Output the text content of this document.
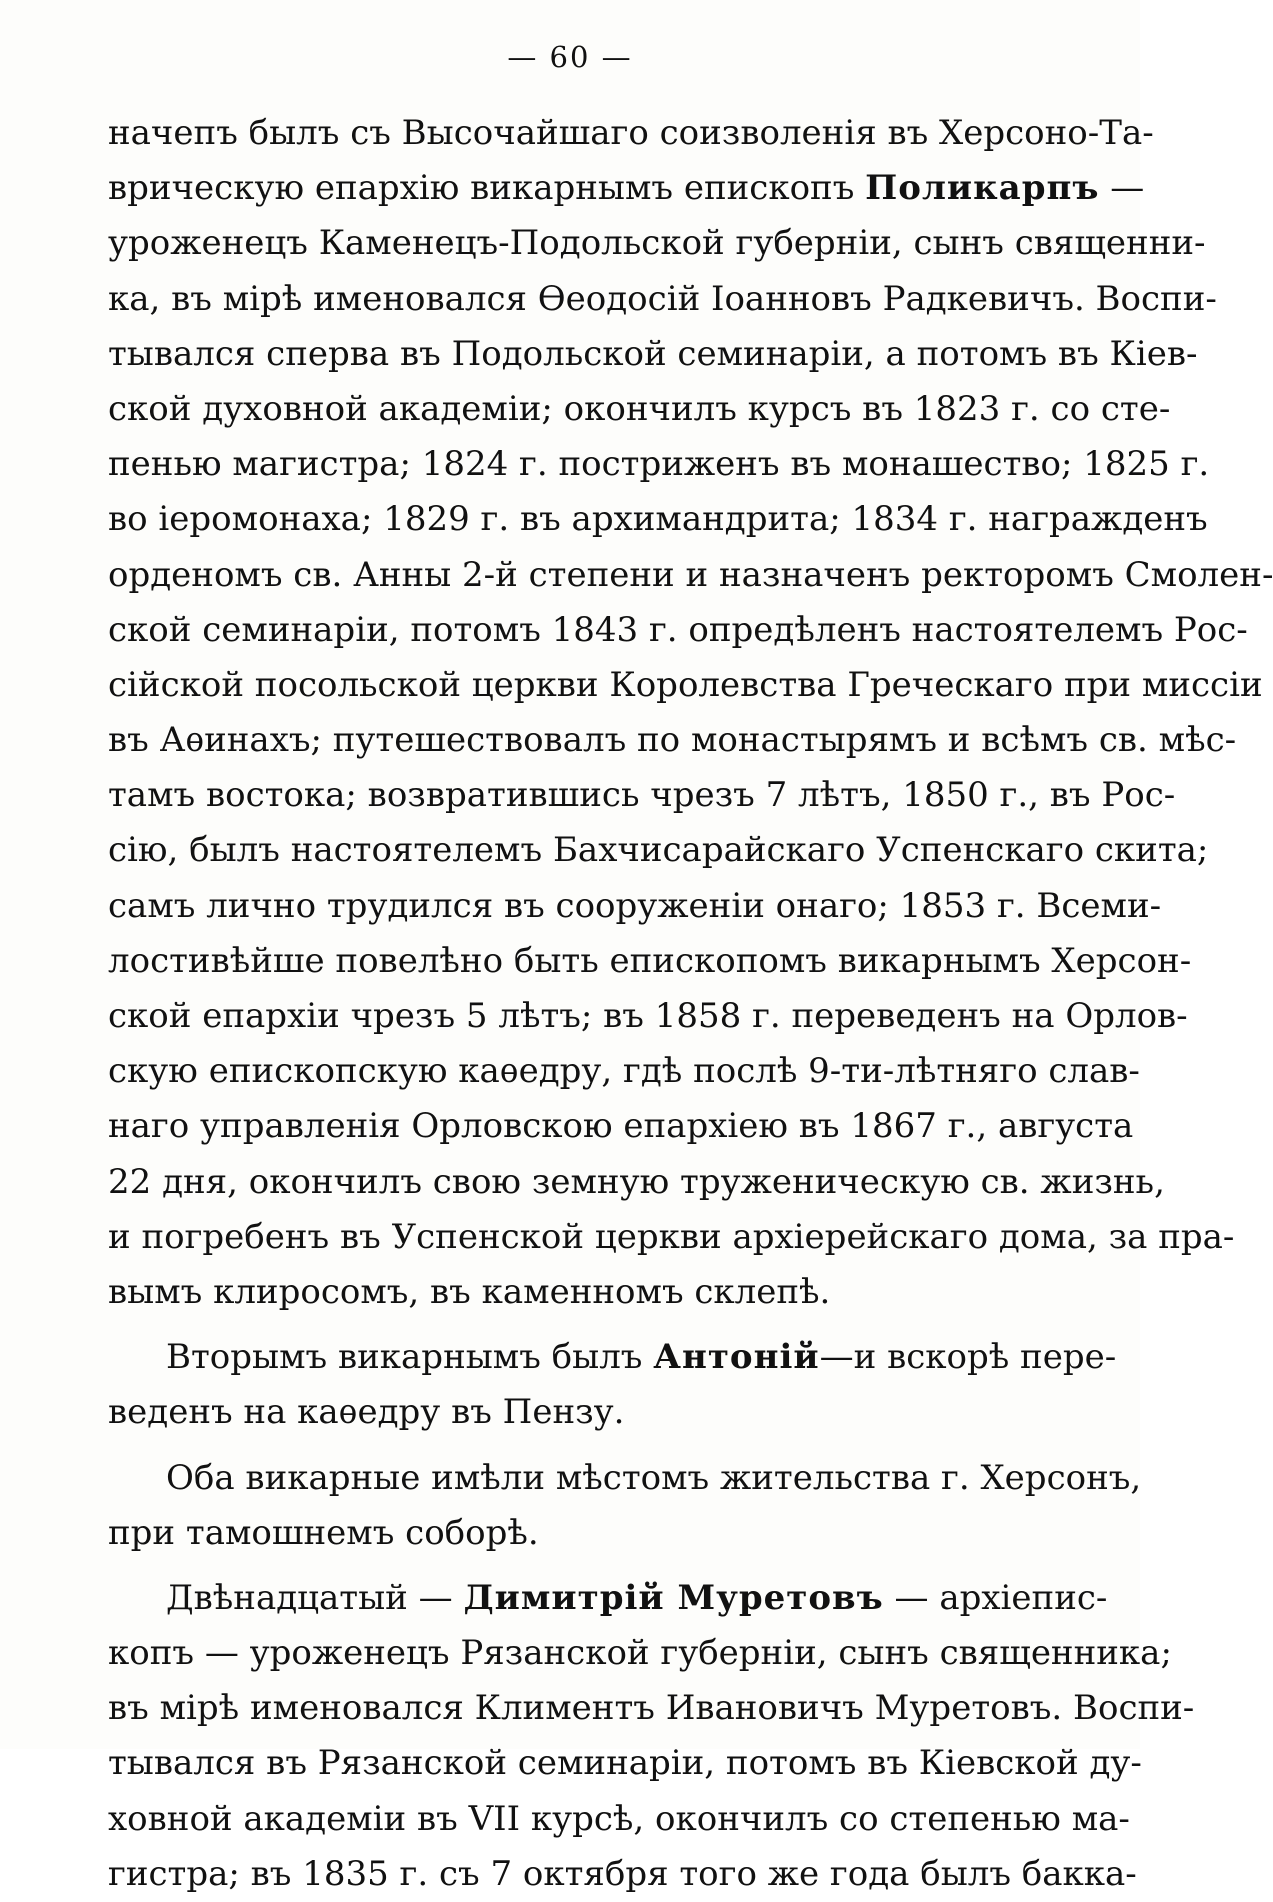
— 60 —
начепъ былъ съ Высочайшаго соизволенія въ Херсоно-Та-
врическую епархію викарнымъ епископъ Поликарпъ —
уроженецъ Каменецъ-Подольской губерніи, сынъ священни-
ка, въ мірѣ именовался Ѳеодосій Іоанновъ Радкевичъ. Воспи-
тывался сперва въ Подольской семинаріи, а потомъ въ Кіев-
ской духовной академіи; окончилъ курсъ въ 1823 г. со сте-
пенью магистра; 1824 г. постриженъ въ монашество; 1825 г.
во іеромонаха; 1829 г. въ архимандрита; 1834 г. награжденъ
орденомъ св. Анны 2-й степени и назначенъ ректоромъ Смолен-
ской семинаріи, потомъ 1843 г. опредѣленъ настоятелемъ Рос-
сійской посольской церкви Королевства Греческаго при миссіи
въ Аѳинахъ; путешествовалъ по монастырямъ и всѣмъ св. мѣс-
тамъ востока; возвратившись чрезъ 7 лѣтъ, 1850 г., въ Рос-
сію, былъ настоятелемъ Бахчисарайскаго Успенскаго скита;
самъ лично трудился въ сооруженіи онаго; 1853 г. Всеми-
лостивѣйше повелѣно быть епископомъ викарнымъ Херсон-
ской епархіи чрезъ 5 лѣтъ; въ 1858 г. переведенъ на Орлов-
скую епископскую каѳедру, гдѣ послѣ 9-ти-лѣтняго слав-
наго управленія Орловскою епархіею въ 1867 г., августа
22 дня, окончилъ свою земную труженическую св. жизнь,
и погребенъ въ Успенской церкви архіерейскаго дома, за пра-
вымъ клиросомъ, въ каменномъ склепѣ.
Вторымъ викарнымъ былъ Антоній—и вскорѣ пере-
веденъ на каѳедру въ Пензу.
Оба викарные имѣли мѣстомъ жительства г. Херсонъ,
при тамошнемъ соборѣ.
Двѣнадцатый — Димитрій Муретовъ — архіепис-
копъ — уроженецъ Рязанской губерніи, сынъ священника;
въ мірѣ именовался Климентъ Ивановичъ Муретовъ. Воспи-
тывался въ Рязанской семинаріи, потомъ въ Кіевской ду-
ховной академіи въ VII курсѣ, окончилъ со степенью ма-
гистра; въ 1835 г. съ 7 октября того же года былъ бакка-
